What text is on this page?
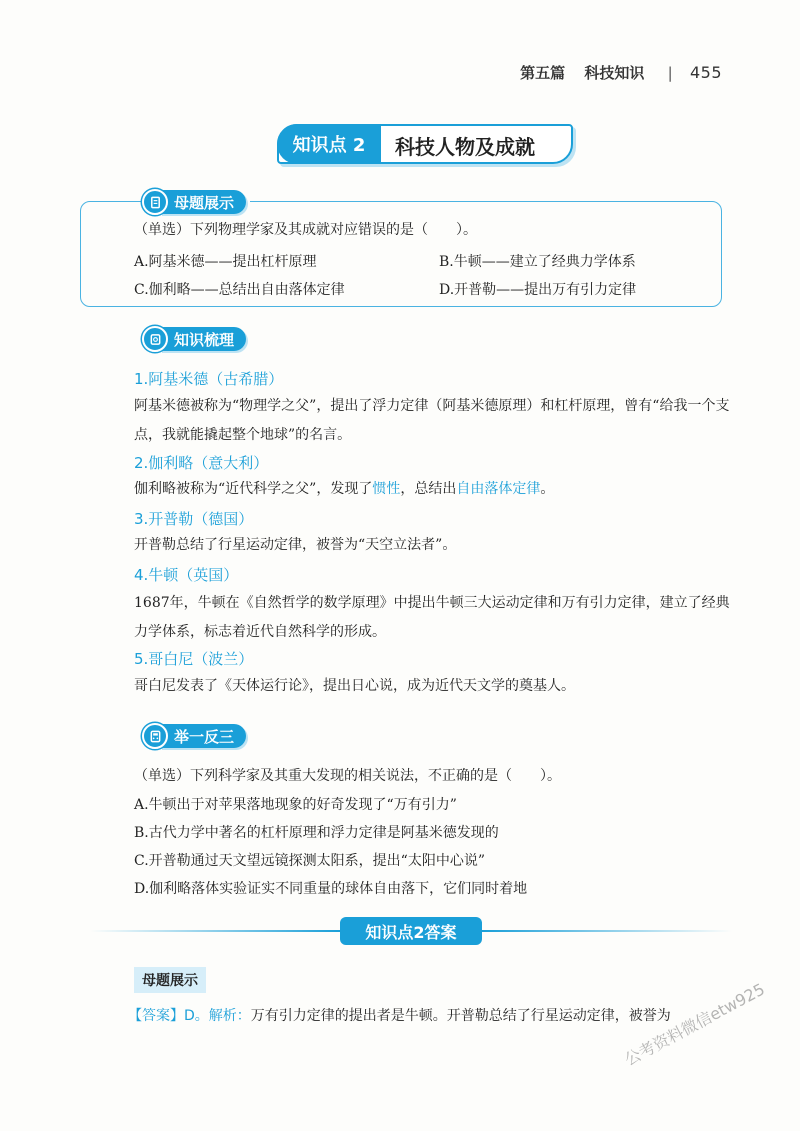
第五篇 科技知识 | 455
知识点 2	科技人物及成就
母题展示
（单选）下列物理学家及其成就对应错误的是（　　）。
A.阿基米德——提出杠杆原理	B.牛顿——建立了经典力学体系
C.伽利略——总结出自由落体定律	D.开普勒——提出万有引力定律
知识梳理
1.阿基米德（古希腊）
阿基米德被称为“物理学之父”，提出了浮力定律（阿基米德原理）和杠杆原理，曾有“给我一个支点，我就能撬起整个地球”的名言。
2.伽利略（意大利）
伽利略被称为“近代科学之父”，发现了惯性，总结出自由落体定律。
3.开普勒（德国）
开普勒总结了行星运动定律，被誉为“天空立法者”。
4.牛顿（英国）
1687年，牛顿在《自然哲学的数学原理》中提出牛顿三大运动定律和万有引力定律，建立了经典力学体系，标志着近代自然科学的形成。
5.哥白尼（波兰）
哥白尼发表了《天体运行论》，提出日心说，成为近代天文学的奠基人。
举一反三
（单选）下列科学家及其重大发现的相关说法，不正确的是（　　）。
A.牛顿出于对苹果落地现象的好奇发现了“万有引力”
B.古代力学中著名的杠杆原理和浮力定律是阿基米德发现的
C.开普勒通过天文望远镜探测太阳系，提出“太阳中心说”
D.伽利略落体实验证实不同重量的球体自由落下，它们同时着地
知识点2答案
母题展示
【答案】D。解析：万有引力定律的提出者是牛顿。开普勒总结了行星运动定律，被誉为
公考资料微信etw925
